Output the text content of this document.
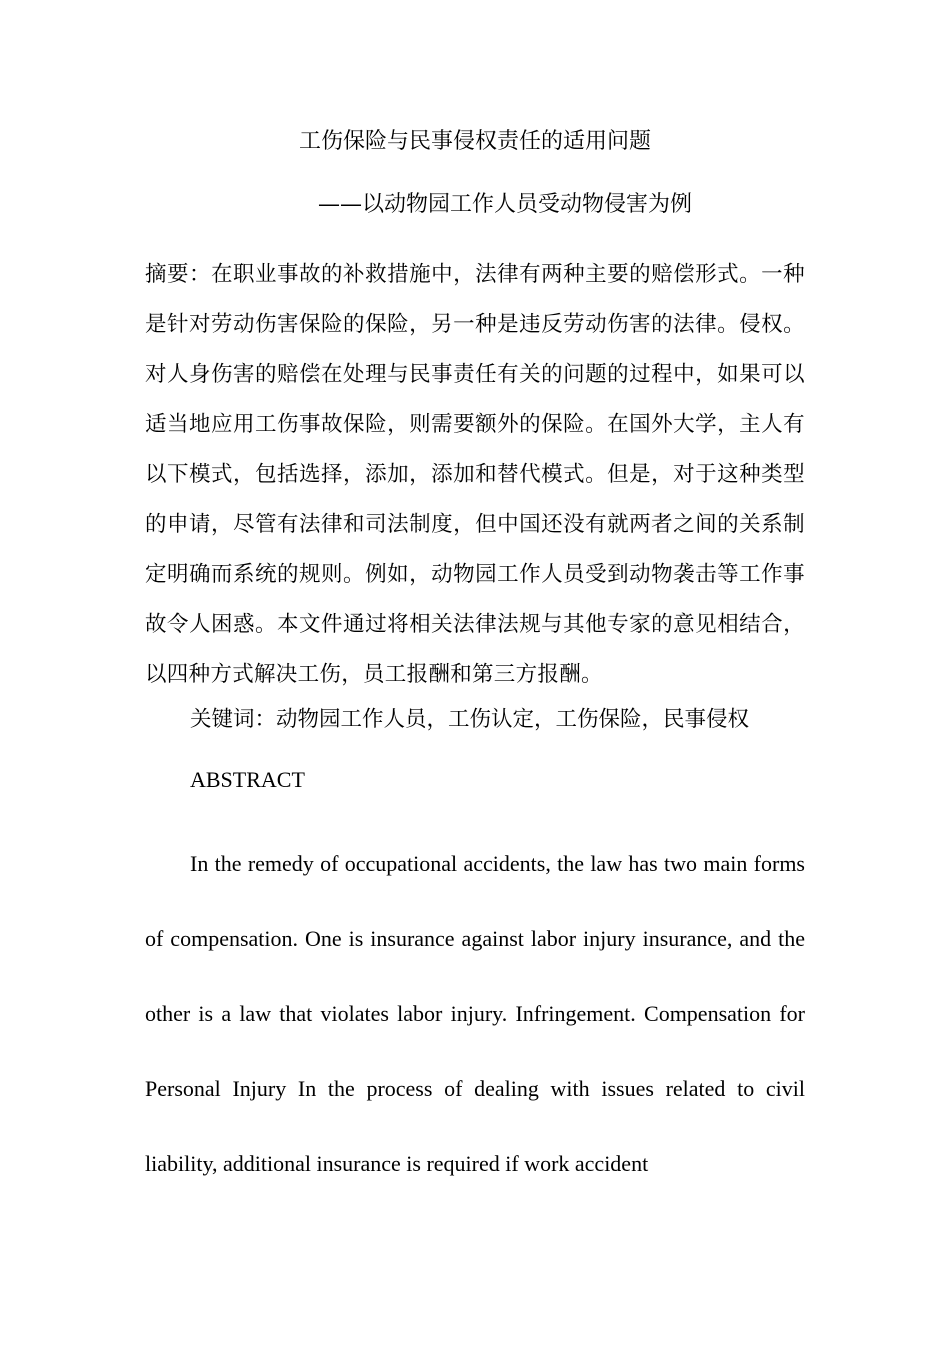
工伤保险与民事侵权责任的适用问题
——以动物园工作人员受动物侵害为例
摘要：在职业事故的补救措施中，法律有两种主要的赔偿形式。一种是针对劳动伤害保险的保险，另一种是违反劳动伤害的法律。侵权。对人身伤害的赔偿在处理与民事责任有关的问题的过程中，如果可以适当地应用工伤事故保险，则需要额外的保险。在国外大学，主人有以下模式，包括选择，添加，添加和替代模式。但是，对于这种类型的申请，尽管有法律和司法制度，但中国还没有就两者之间的关系制定明确而系统的规则。例如，动物园工作人员受到动物袭击等工作事故令人困惑。本文件通过将相关法律法规与其他专家的意见相结合，以四种方式解决工伤，员工报酬和第三方报酬。
关键词：动物园工作人员，工伤认定，工伤保险，民事侵权
ABSTRACT

In the remedy of occupational accidents, the law has two main forms of compensation. One is insurance against labor injury insurance, and the other is a law that violates labor injury. Infringement. Compensation for Personal Injury In the process of dealing with issues related to civil liability, additional insurance is required if work accident
